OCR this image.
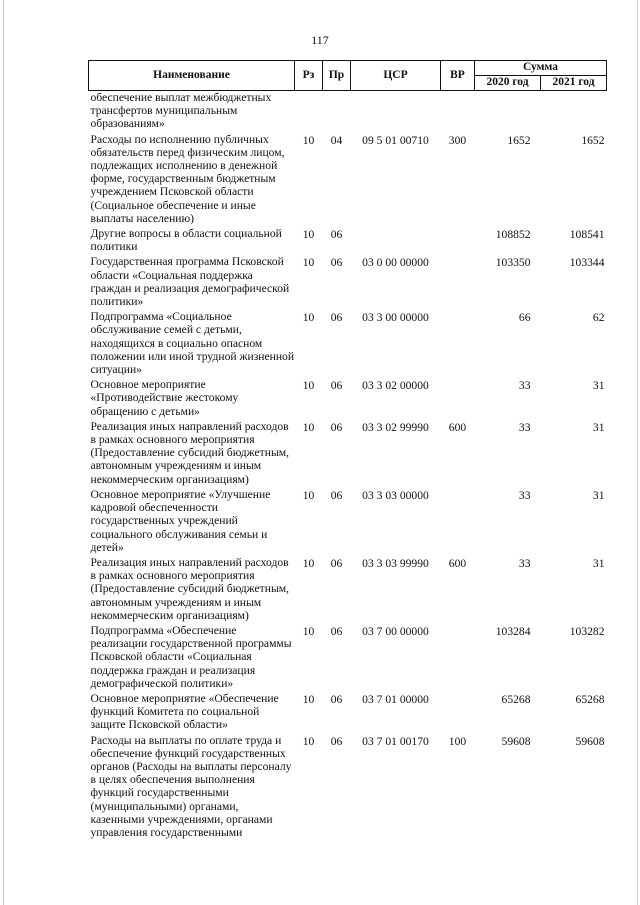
117
Наименование	Рз	Пр	ЦСР	ВР	Сумма	
					2020 год	2021 год
обеспечение выплат межбюджетных трансфертов муниципальным образованиям»						
Расходы по исполнению публичных обязательств перед физическим лицом, подлежащих исполнению в денежной форме, государственным бюджетным учреждением Псковской области (Социальное обеспечение и иные выплаты населению)	10	04	09 5 01 00710	300	1652	1652
Другие вопросы в области социальной политики	10	06			108852	108541
Государственная программа Псковской области «Социальная поддержка граждан и реализация демографической политики»	10	06	03 0 00 00000		103350	103344
Подпрограмма «Социальное обслуживание семей с детьми, находящихся в социально опасном положении или иной трудной жизненной ситуации»	10	06	03 3 00 00000		66	62
Основное мероприятие «Противодействие жестокому обращению с детьми»	10	06	03 3 02 00000		33	31
Реализация иных направлений расходов в рамках основного мероприятия (Предоставление субсидий бюджетным, автономным учреждениям и иным некоммерческим организациям)	10	06	03 3 02 99990	600	33	31
Основное мероприятие «Улучшение кадровой обеспеченности государственных учреждений социального обслуживания семьи и детей»	10	06	03 3 03 00000		33	31
Реализация иных направлений расходов в рамках основного мероприятия (Предоставление субсидий бюджетным, автономным учреждениям и иным некоммерческим организациям)	10	06	03 3 03 99990	600	33	31
Подпрограмма «Обеспечение реализации государственной программы Псковской области «Социальная поддержка граждан и реализация демографической политики»	10	06	03 7 00 00000		103284	103282
Основное мероприятие «Обеспечение функций Комитета по социальной защите Псковской области»	10	06	03 7 01 00000		65268	65268
Расходы на выплаты по оплате труда и обеспечение функций государственных органов (Расходы на выплаты персоналу в целях обеспечения выполнения функций государственными (муниципальными) органами, казенными учреждениями, органами управления государственными	10	06	03 7 01 00170	100	59608	59608
